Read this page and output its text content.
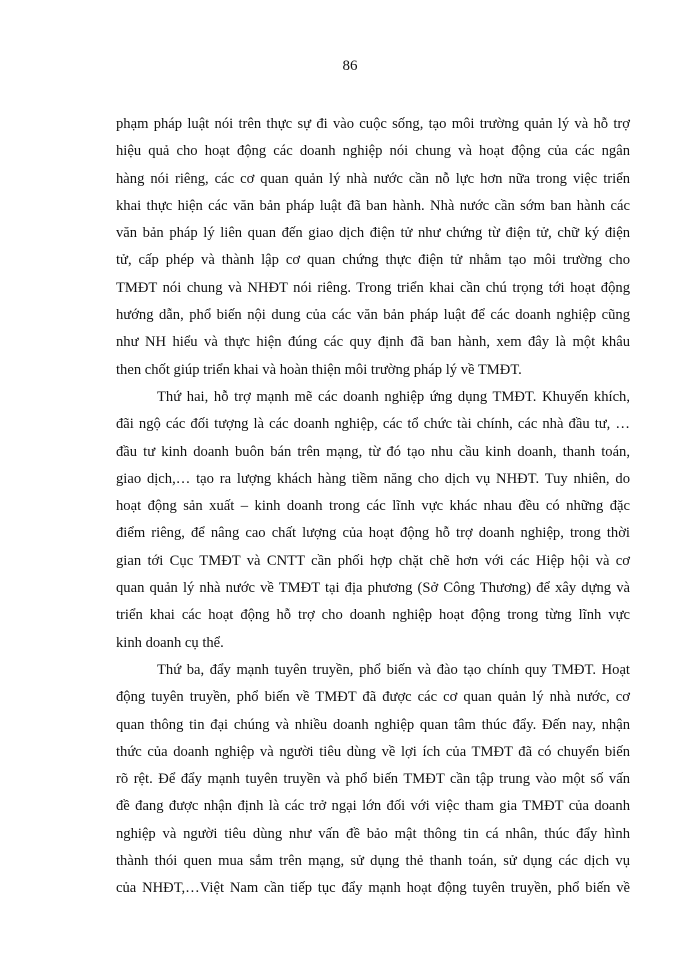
86
phạm pháp luật nói trên thực sự đi vào cuộc sống, tạo môi trường quản lý và hỗ trợ
hiệu quả cho hoạt động các doanh nghiệp nói chung và hoạt động của các ngân
hàng nói riêng, các cơ quan quản lý nhà nước cần nỗ lực hơn nữa trong việc triển
khai thực hiện các văn bản pháp luật đã ban hành. Nhà nước cần sớm ban hành các
văn bản pháp lý liên quan đến giao dịch điện tử như chứng từ điện tử, chữ ký điện
tử, cấp phép và thành lập cơ quan chứng thực điện tử nhằm tạo môi trường cho
TMĐT nói chung và NHĐT nói riêng. Trong triển khai cần chú trọng tới hoạt động
hướng dẫn, phổ biến nội dung của các văn bản pháp luật để các doanh nghiệp cũng
như NH hiểu và thực hiện đúng các quy định đã ban hành, xem đây là một khâu
then chốt giúp triển khai và hoàn thiện môi trường pháp lý về TMĐT.
Thứ hai, hỗ trợ mạnh mẽ các doanh nghiệp ứng dụng TMĐT. Khuyến khích,
đãi ngộ các đối tượng là các doanh nghiệp, các tổ chức tài chính, các nhà đầu tư, …
đầu tư kinh doanh buôn bán trên mạng, từ đó tạo nhu cầu kinh doanh, thanh toán,
giao dịch,… tạo ra lượng khách hàng tiềm năng cho dịch vụ NHĐT. Tuy nhiên, do
hoạt động sản xuất – kinh doanh trong các lĩnh vực khác nhau đều có những đặc
điểm riêng, để nâng cao chất lượng của hoạt động hỗ trợ doanh nghiệp, trong thời
gian tới Cục TMĐT và CNTT cần phối hợp chặt chẽ hơn với các Hiệp hội và cơ
quan quản lý nhà nước về TMĐT tại địa phương (Sở Công Thương) để xây dựng và
triển khai các hoạt động hỗ trợ cho doanh nghiệp hoạt động trong từng lĩnh vực
kinh doanh cụ thể.
Thứ ba, đẩy mạnh tuyên truyền, phổ biến và đào tạo chính quy TMĐT. Hoạt
động tuyên truyền, phổ biến về TMĐT đã được các cơ quan quản lý nhà nước, cơ
quan thông tin đại chúng và nhiều doanh nghiệp quan tâm thúc đẩy. Đến nay, nhận
thức của doanh nghiệp và người tiêu dùng về lợi ích của TMĐT đã có chuyển biến
rõ rệt. Để đẩy mạnh tuyên truyền và phổ biến TMĐT cần tập trung vào một số vấn
đề đang được nhận định là các trở ngại lớn đối với việc tham gia TMĐT của doanh
nghiệp và người tiêu dùng như vấn đề bảo mật thông tin cá nhân, thúc đẩy hình
thành thói quen mua sắm trên mạng, sử dụng thẻ thanh toán, sử dụng các dịch vụ
của NHĐT,…Việt Nam cần tiếp tục đẩy mạnh hoạt động tuyên truyền, phổ biến về
